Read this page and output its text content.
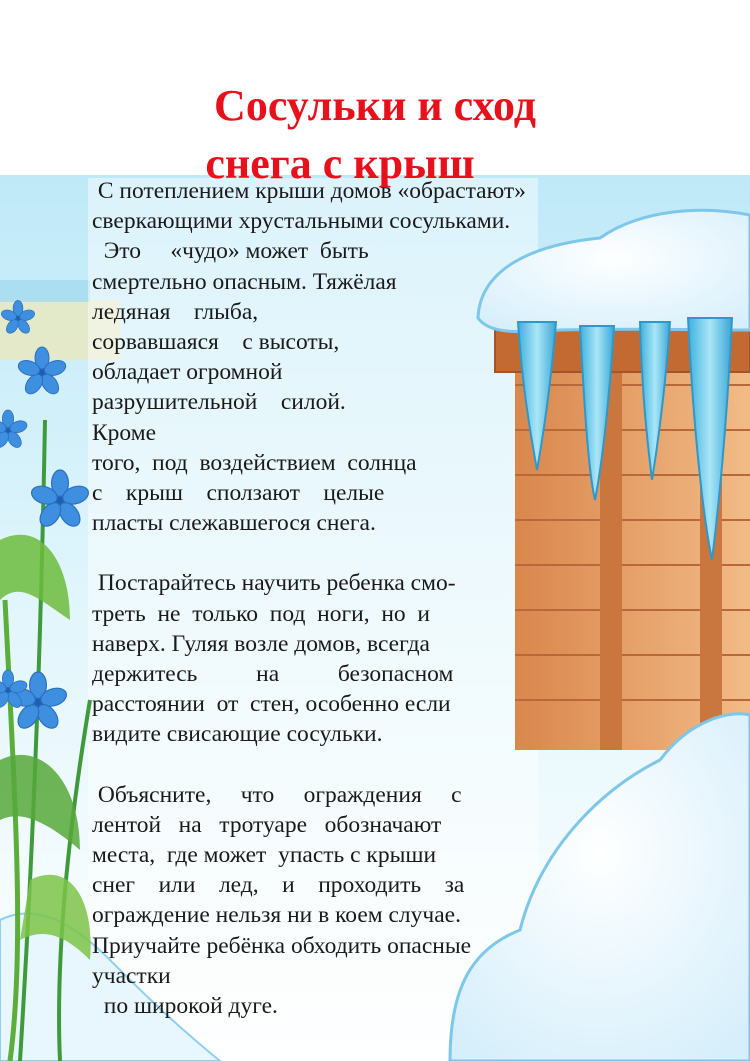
Сосульки и сход
снега с крыш
С потеплением крыши домов «обрастают»
сверкающими хрустальными сосульками.
Это     «чудо» может  быть
смертельно опасным. Тяжёлая
ледяная    глыба,
сорвавшаяся    с высоты,
обладает огромной
разрушительной    силой.
Кроме
того,  под  воздействием  солнца
с    крыш    сползают    целые
пласты слежавшегося снега.
Постарайтесь научить ребенка смо-
треть  не  только  под  ноги,  но  и
наверх. Гуляя возле домов, всегда
держитесь          на          безопасном
расстоянии  от  стен, особенно если
видите свисающие сосульки.
Объясните,     что     ограждения     с
лентой   на   тротуаре   обозначают
места,  где может  упасть с крыши
снег    или    лед,    и    проходить    за
ограждение нельзя ни в коем случае.
Приучайте ребёнка обходить опасные
участки
по широкой дуге.
